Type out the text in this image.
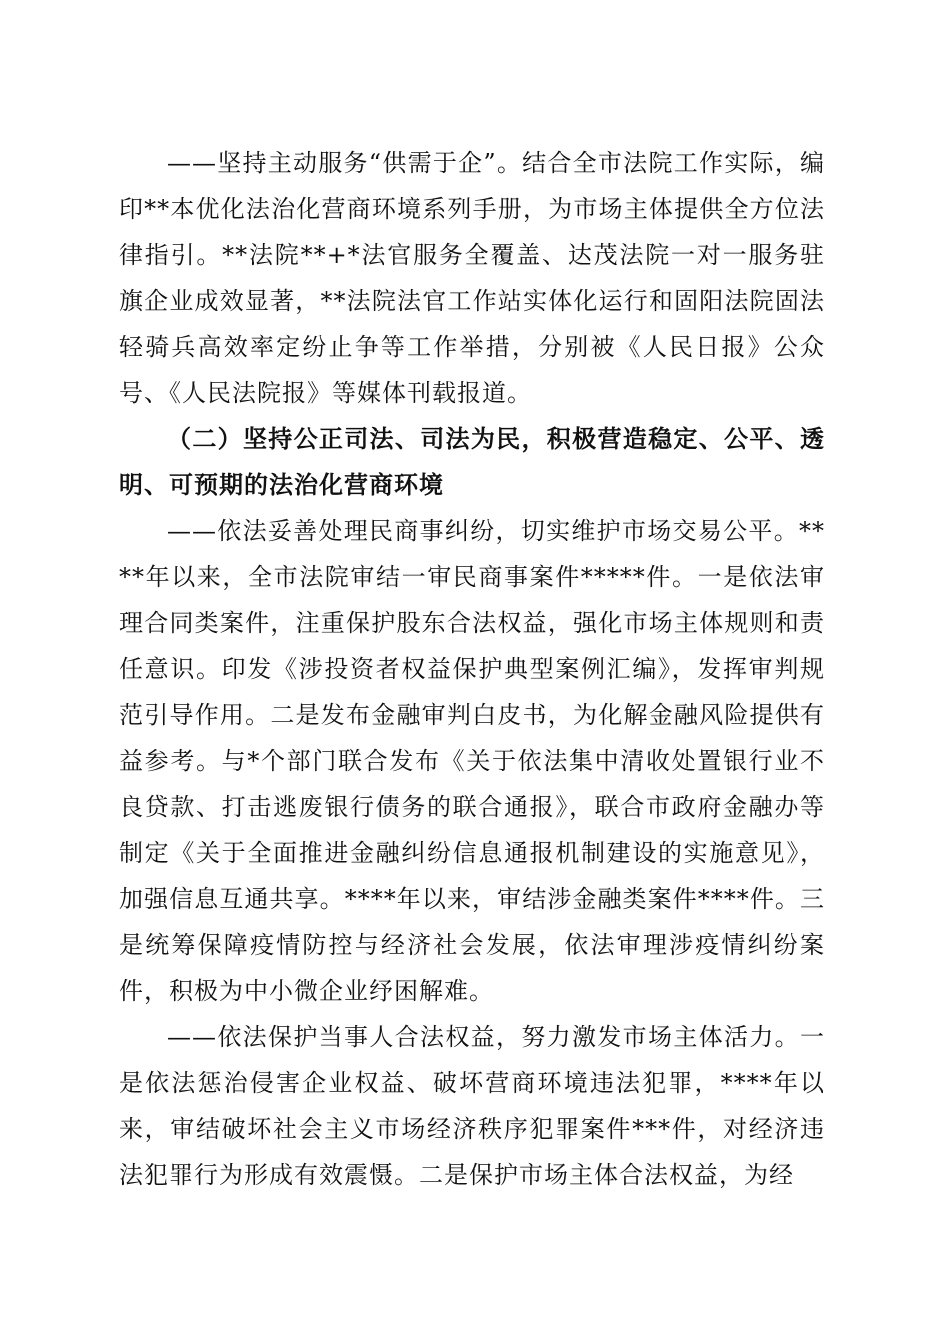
——坚持主动服务“供需于企”。结合全市法院工作实际，编印**本优化法治化营商环境系列手册，为市场主体提供全方位法律指引。**法院**+*法官服务全覆盖、达茂法院一对一服务驻旗企业成效显著，**法院法官工作站实体化运行和固阳法院固法轻骑兵高效率定纷止争等工作举措，分别被《人民日报》公众号、《人民法院报》等媒体刊载报道。

（二）坚持公正司法、司法为民，积极营造稳定、公平、透明、可预期的法治化营商环境

——依法妥善处理民商事纠纷，切实维护市场交易公平。****年以来，全市法院审结一审民商事案件*****件。一是依法审理合同类案件，注重保护股东合法权益，强化市场主体规则和责任意识。印发《涉投资者权益保护典型案例汇编》，发挥审判规范引导作用。二是发布金融审判白皮书，为化解金融风险提供有益参考。与*个部门联合发布《关于依法集中清收处置银行业不良贷款、打击逃废银行债务的联合通报》，联合市政府金融办等制定《关于全面推进金融纠纷信息通报机制建设的实施意见》，加强信息互通共享。****年以来，审结涉金融类案件****件。三是统筹保障疫情防控与经济社会发展，依法审理涉疫情纠纷案件，积极为中小微企业纾困解难。

——依法保护当事人合法权益，努力激发市场主体活力。一是依法惩治侵害企业权益、破坏营商环境违法犯罪，****年以来，审结破坏社会主义市场经济秩序犯罪案件***件，对经济违法犯罪行为形成有效震慑。二是保护市场主体合法权益，为经
